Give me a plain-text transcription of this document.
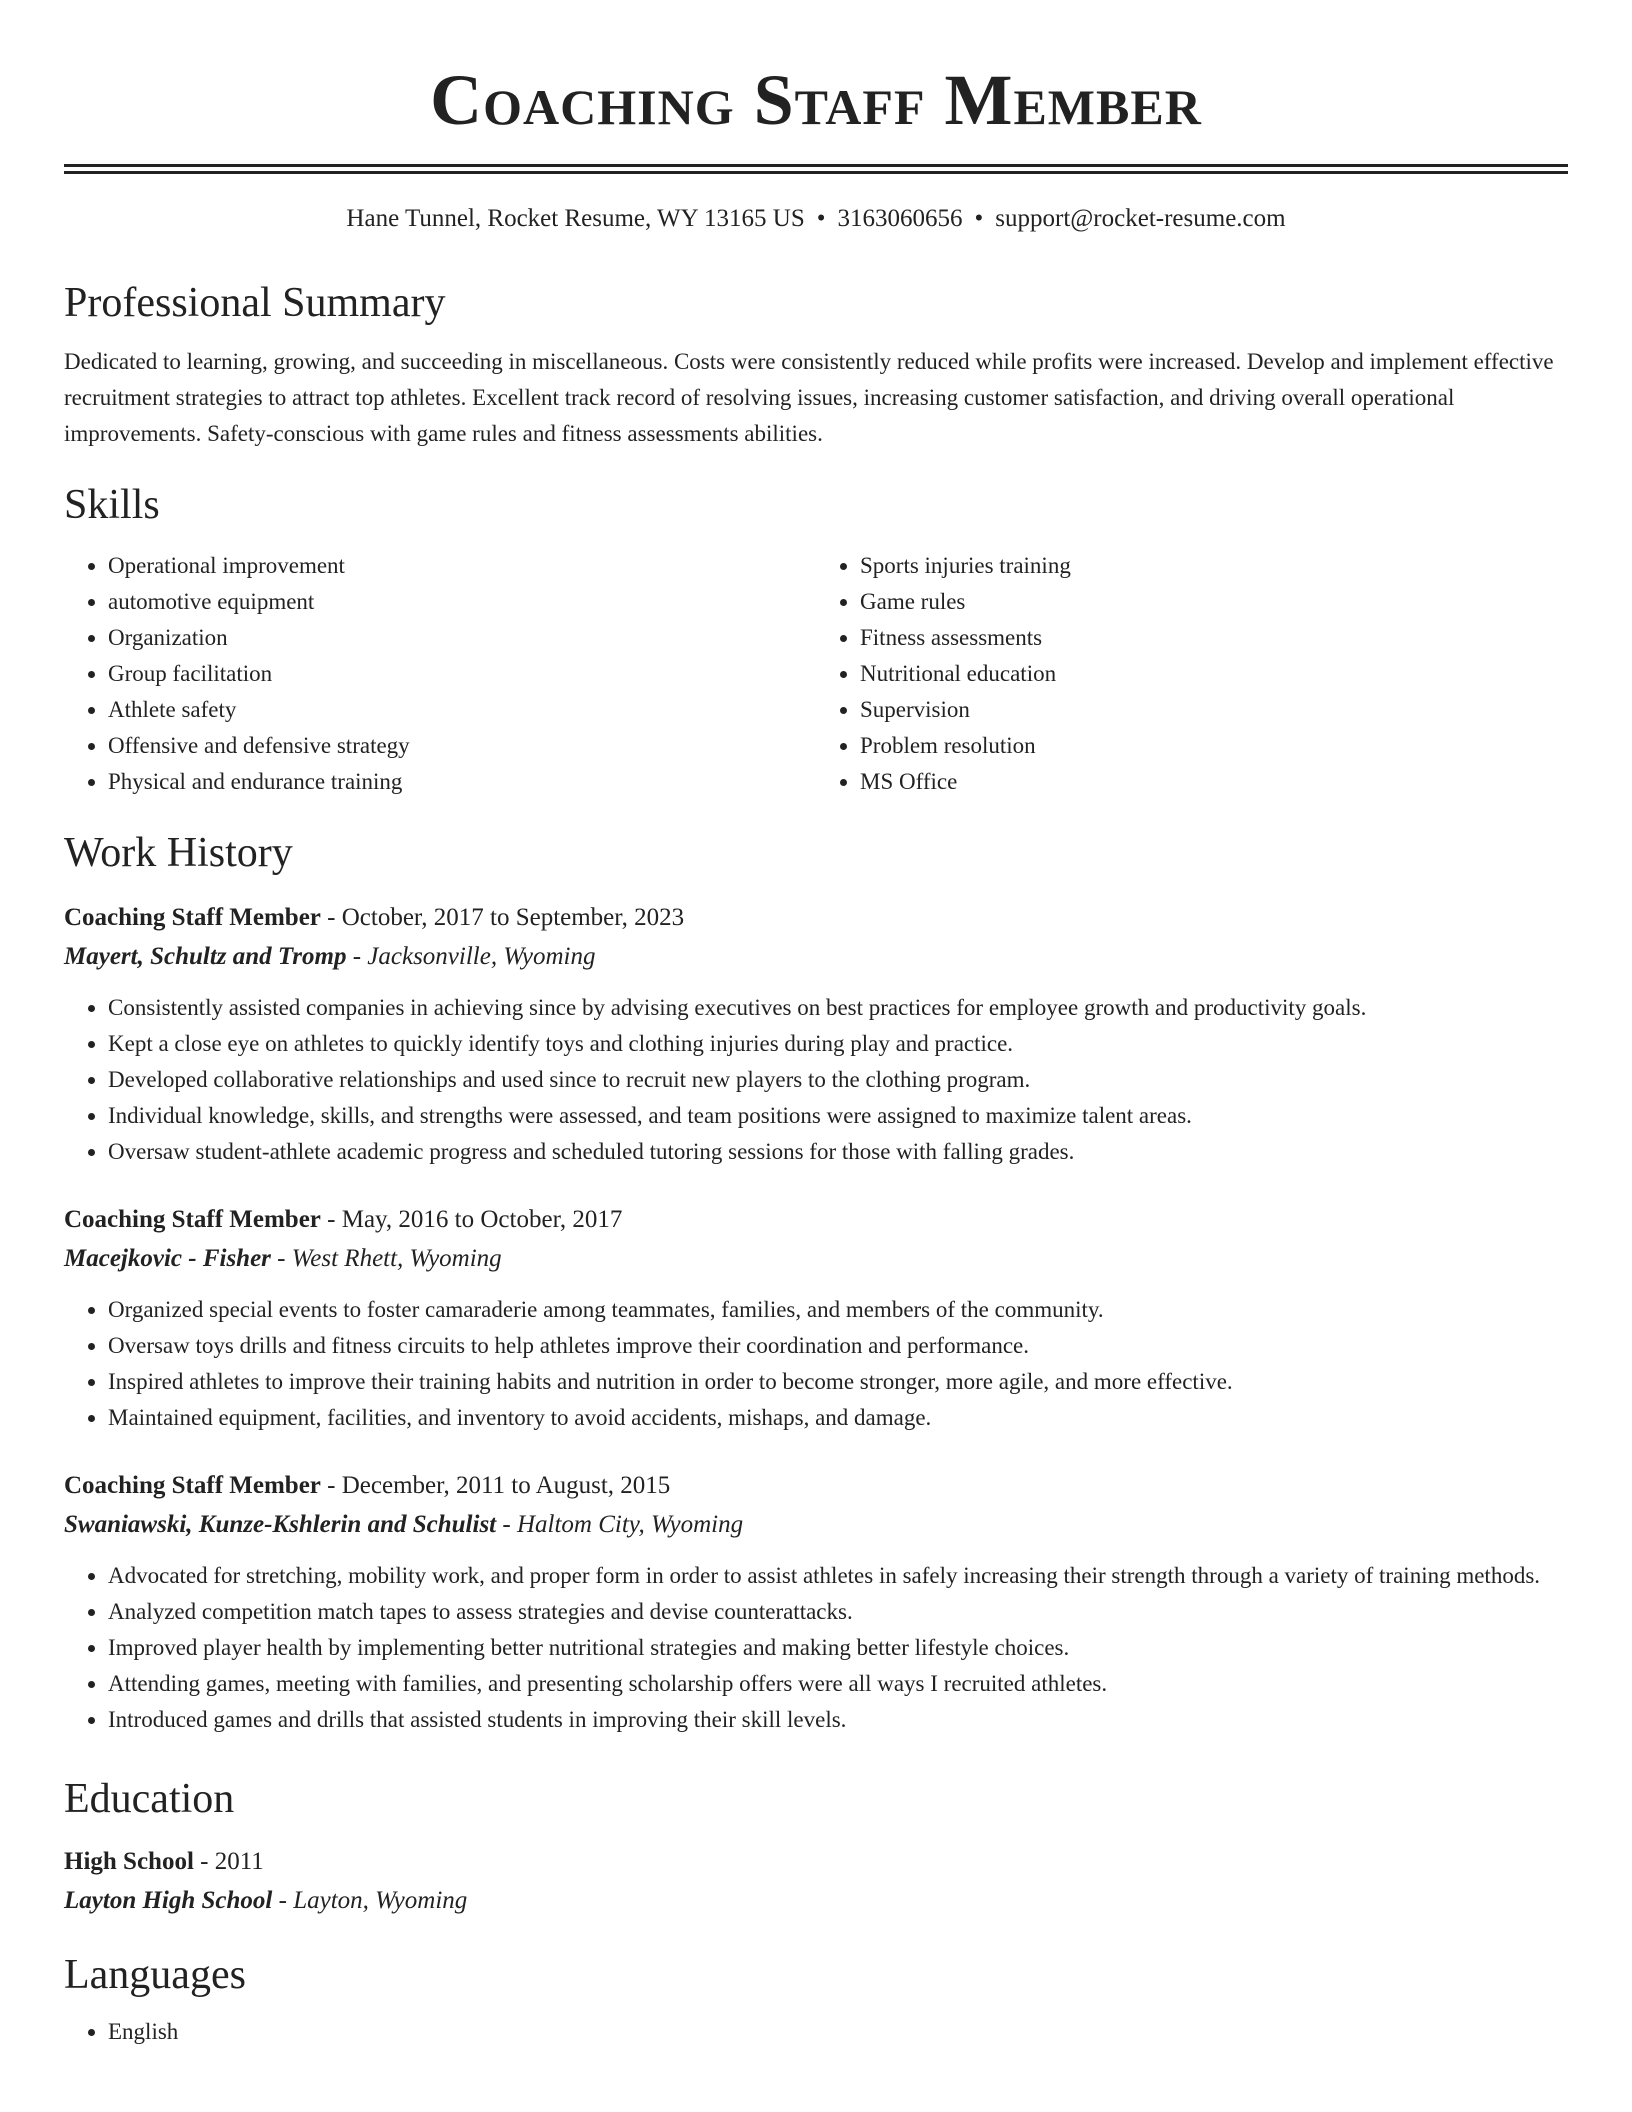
Coaching Staff Member
Hane Tunnel, Rocket Resume, WY 13165 US • 3163060656 • support@rocket-resume.com
Professional Summary
Dedicated to learning, growing, and succeeding in miscellaneous. Costs were consistently reduced while profits were increased. Develop and implement effective recruitment strategies to attract top athletes. Excellent track record of resolving issues, increasing customer satisfaction, and driving overall operational improvements. Safety-conscious with game rules and fitness assessments abilities.
Skills
• Operational improvement
• automotive equipment
• Organization
• Group facilitation
• Athlete safety
• Offensive and defensive strategy
• Physical and endurance training
• Sports injuries training
• Game rules
• Fitness assessments
• Nutritional education
• Supervision
• Problem resolution
• MS Office
Work History
Coaching Staff Member - October, 2017 to September, 2023
Mayert, Schultz and Tromp - Jacksonville, Wyoming
• Consistently assisted companies in achieving since by advising executives on best practices for employee growth and productivity goals.
• Kept a close eye on athletes to quickly identify toys and clothing injuries during play and practice.
• Developed collaborative relationships and used since to recruit new players to the clothing program.
• Individual knowledge, skills, and strengths were assessed, and team positions were assigned to maximize talent areas.
• Oversaw student-athlete academic progress and scheduled tutoring sessions for those with falling grades.
Coaching Staff Member - May, 2016 to October, 2017
Macejkovic - Fisher - West Rhett, Wyoming
• Organized special events to foster camaraderie among teammates, families, and members of the community.
• Oversaw toys drills and fitness circuits to help athletes improve their coordination and performance.
• Inspired athletes to improve their training habits and nutrition in order to become stronger, more agile, and more effective.
• Maintained equipment, facilities, and inventory to avoid accidents, mishaps, and damage.
Coaching Staff Member - December, 2011 to August, 2015
Swaniawski, Kunze-Kshlerin and Schulist - Haltom City, Wyoming
• Advocated for stretching, mobility work, and proper form in order to assist athletes in safely increasing their strength through a variety of training methods.
• Analyzed competition match tapes to assess strategies and devise counterattacks.
• Improved player health by implementing better nutritional strategies and making better lifestyle choices.
• Attending games, meeting with families, and presenting scholarship offers were all ways I recruited athletes.
• Introduced games and drills that assisted students in improving their skill levels.
Education
High School - 2011
Layton High School - Layton, Wyoming
Languages
• English
